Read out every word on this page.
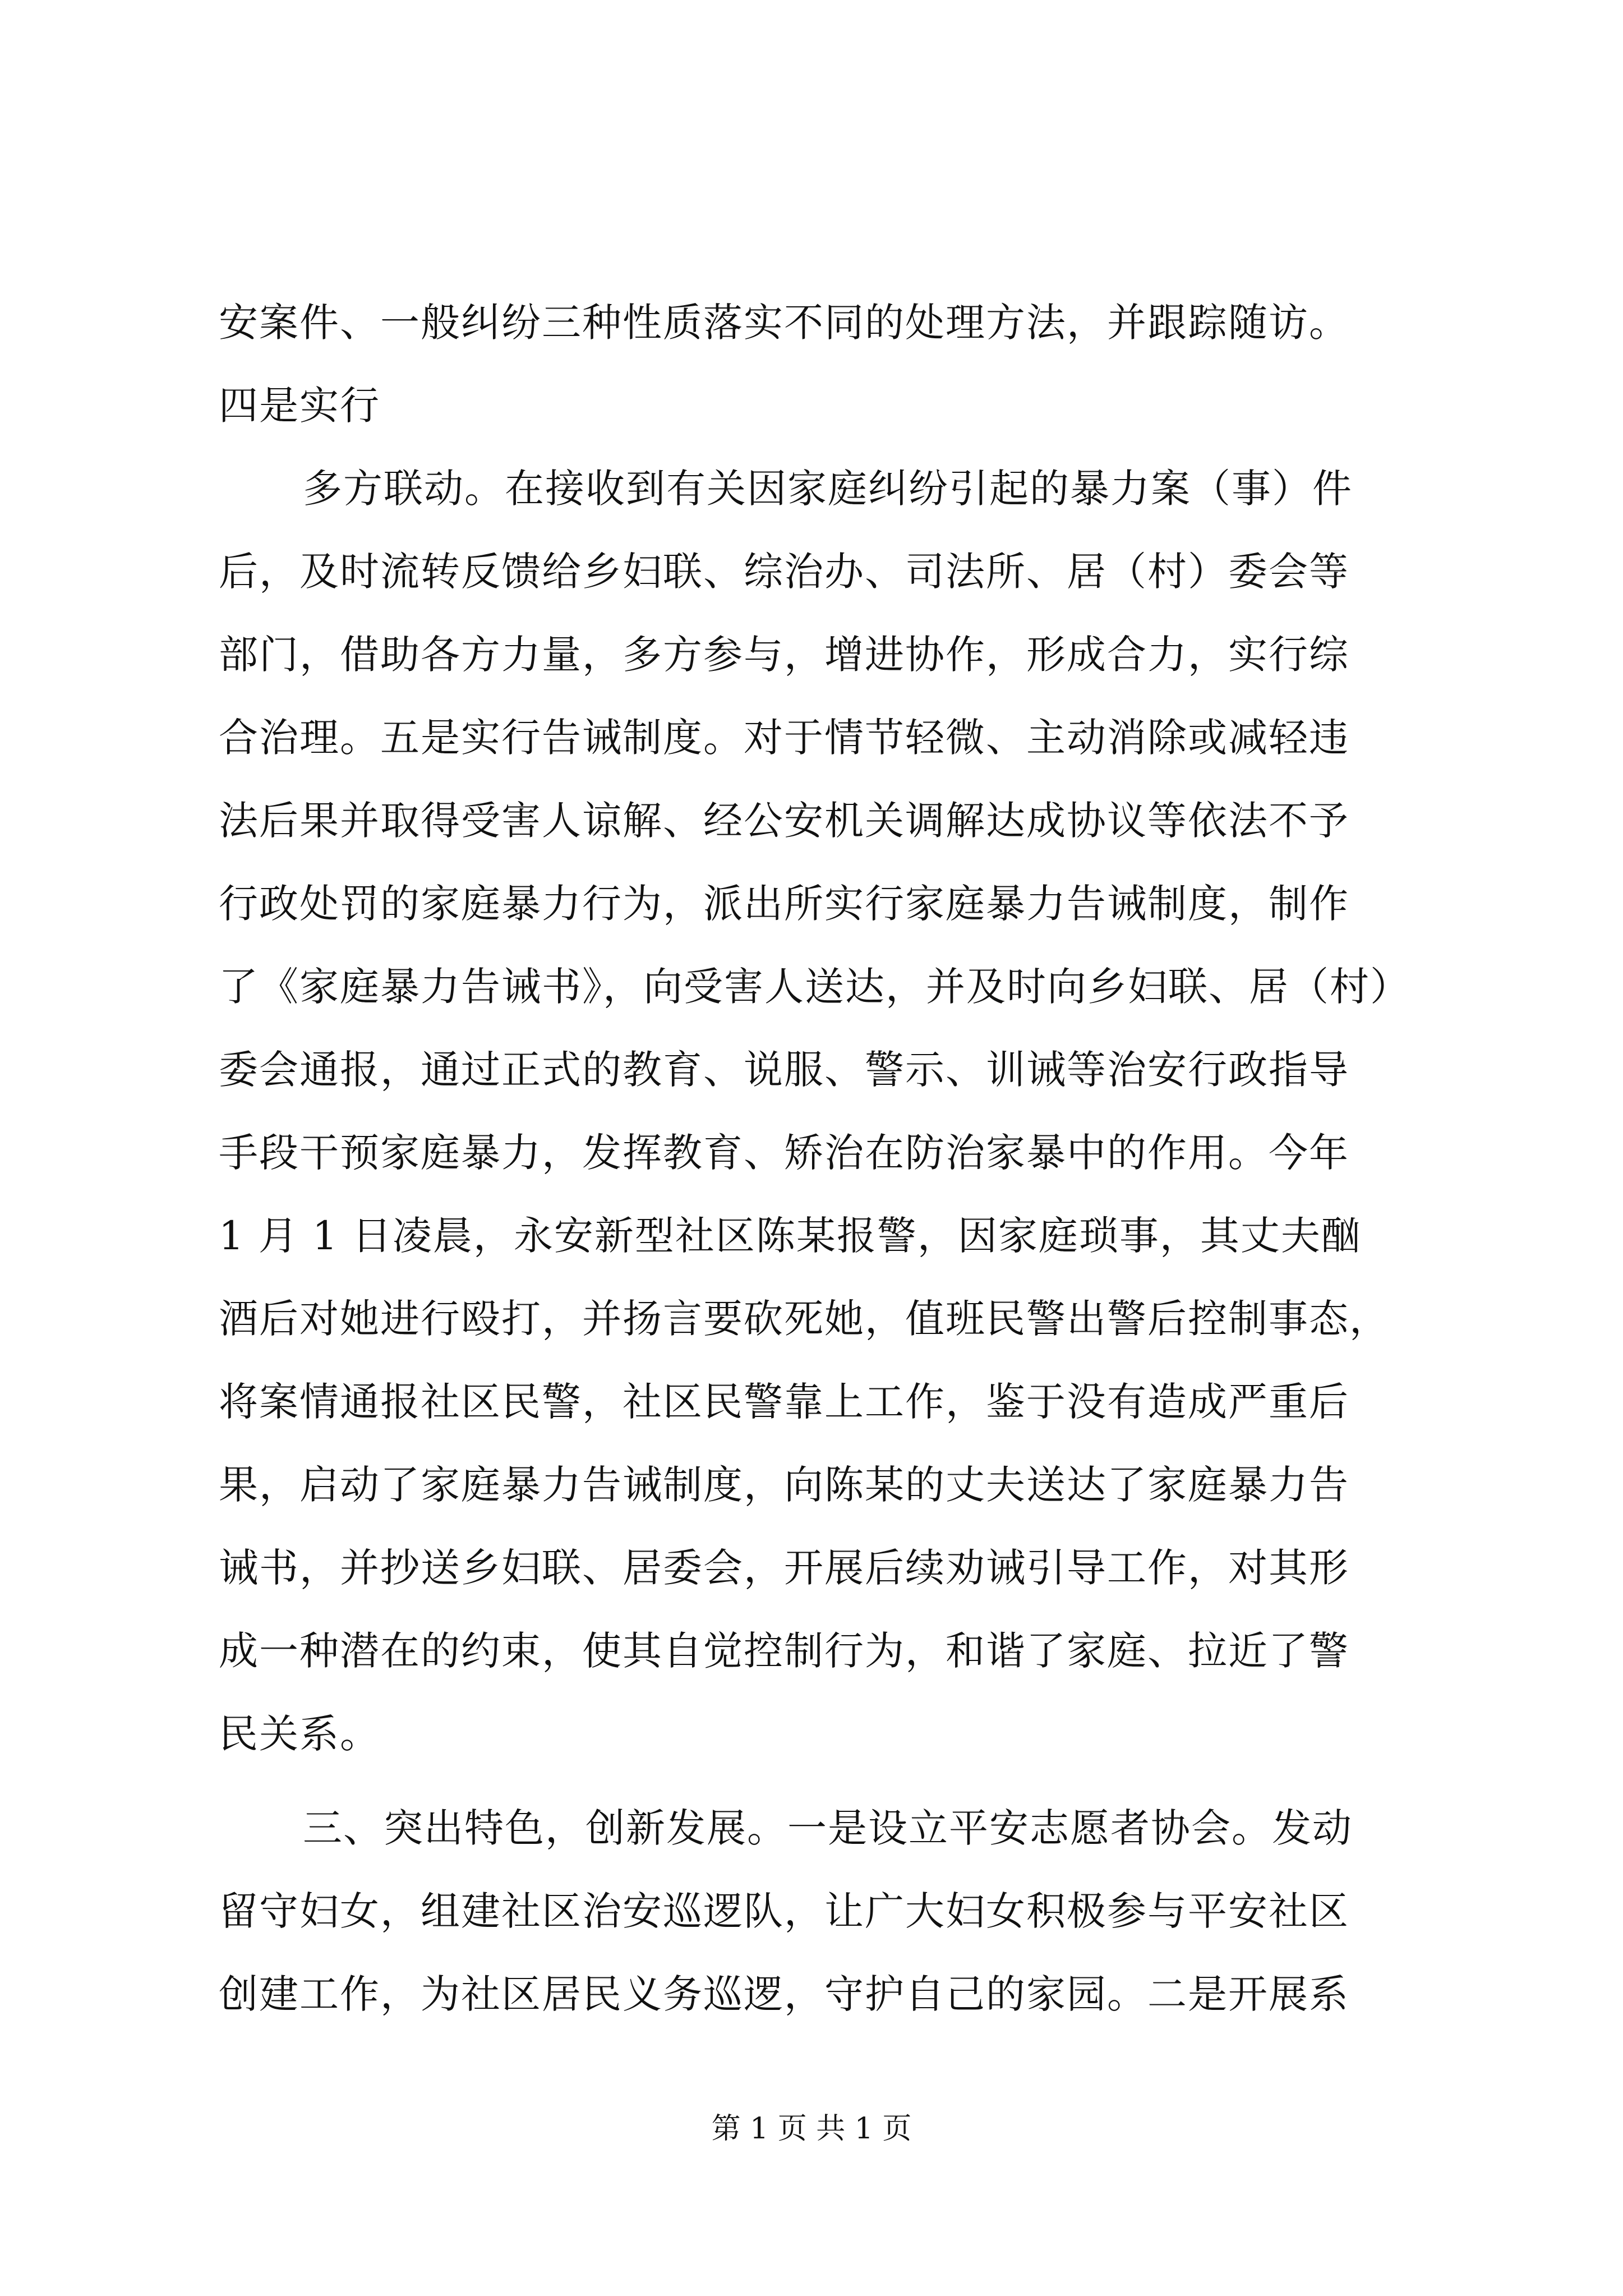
安案件、一般纠纷三种性质落实不同的处理方法，并跟踪随访。
四是实行
多方联动。在接收到有关因家庭纠纷引起的暴力案（事）件
后，及时流转反馈给乡妇联、综治办、司法所、居（村）委会等
部门，借助各方力量，多方参与，增进协作，形成合力，实行综
合治理。五是实行告诫制度。对于情节轻微、主动消除或减轻违
法后果并取得受害人谅解、经公安机关调解达成协议等依法不予
行政处罚的家庭暴力行为，派出所实行家庭暴力告诫制度，制作
了《家庭暴力告诫书》，向受害人送达，并及时向乡妇联、居（村）
委会通报，通过正式的教育、说服、警示、训诫等治安行政指导
手段干预家庭暴力，发挥教育、矫治在防治家暴中的作用。今年
1 月 1 日凌晨，永安新型社区陈某报警，因家庭琐事，其丈夫酗
酒后对她进行殴打，并扬言要砍死她，值班民警出警后控制事态，
将案情通报社区民警，社区民警靠上工作，鉴于没有造成严重后
果，启动了家庭暴力告诫制度，向陈某的丈夫送达了家庭暴力告
诫书，并抄送乡妇联、居委会，开展后续劝诫引导工作，对其形
成一种潜在的约束，使其自觉控制行为，和谐了家庭、拉近了警
民关系。
三、突出特色，创新发展。一是设立平安志愿者协会。发动
留守妇女，组建社区治安巡逻队，让广大妇女积极参与平安社区
创建工作，为社区居民义务巡逻，守护自己的家园。二是开展系
第 1 页 共 1 页
